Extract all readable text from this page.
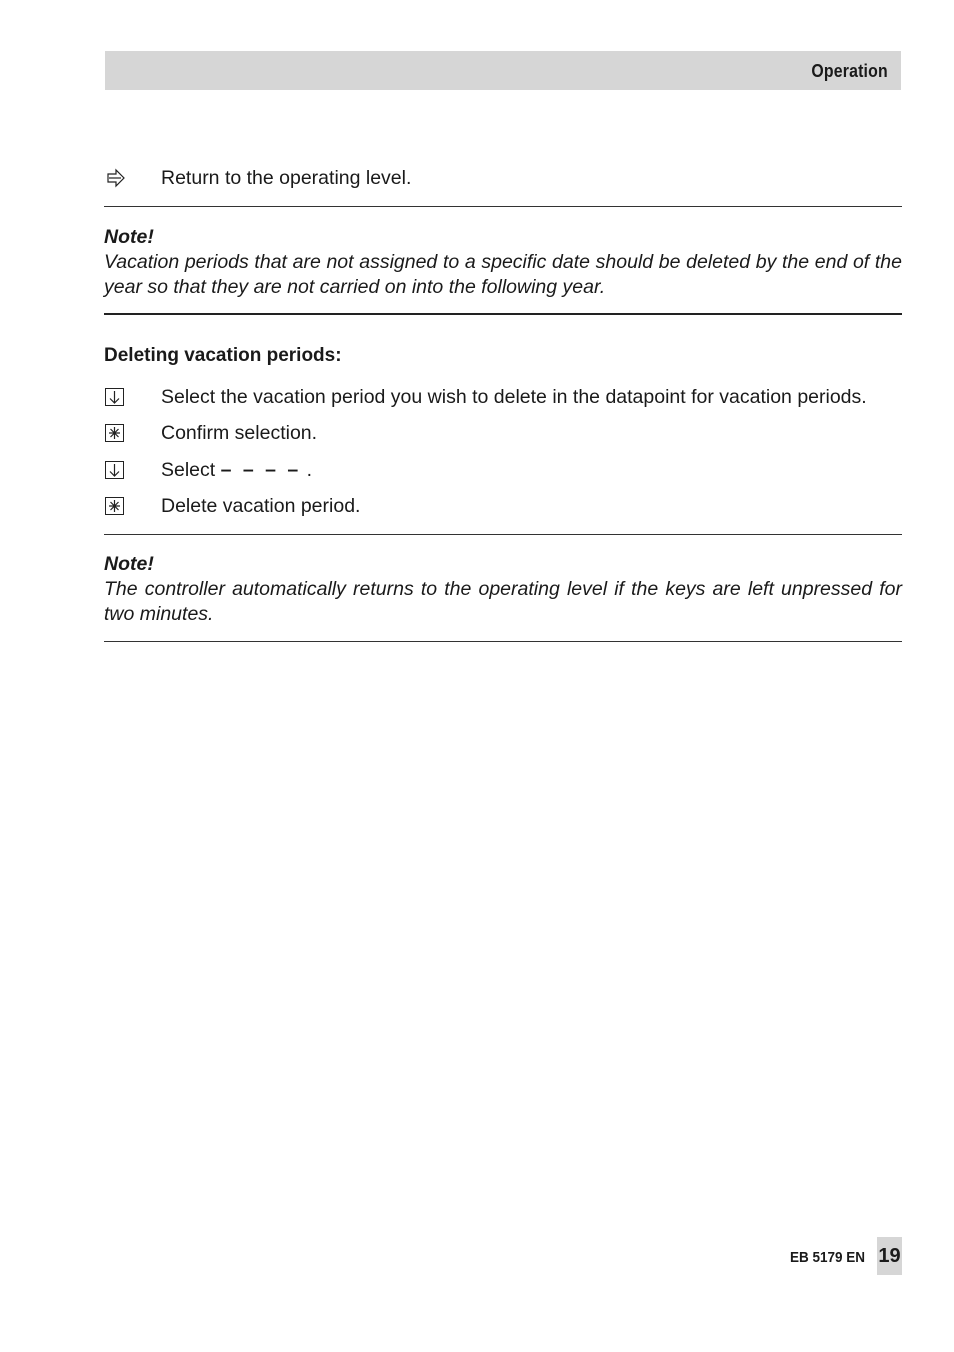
Operation
Return to the operating level.
Note!
Vacation periods that are not assigned to a specific date should be deleted by the end of the year so that they are not carried on into the following year.
Deleting vacation periods:
Select the vacation period you wish to delete in the datapoint for vacation periods.
Confirm selection.
Select – – – – .
Delete vacation period.
Note!
The controller automatically returns to the operating level if the keys are left unpressed for two minutes.
EB 5179 EN 19
